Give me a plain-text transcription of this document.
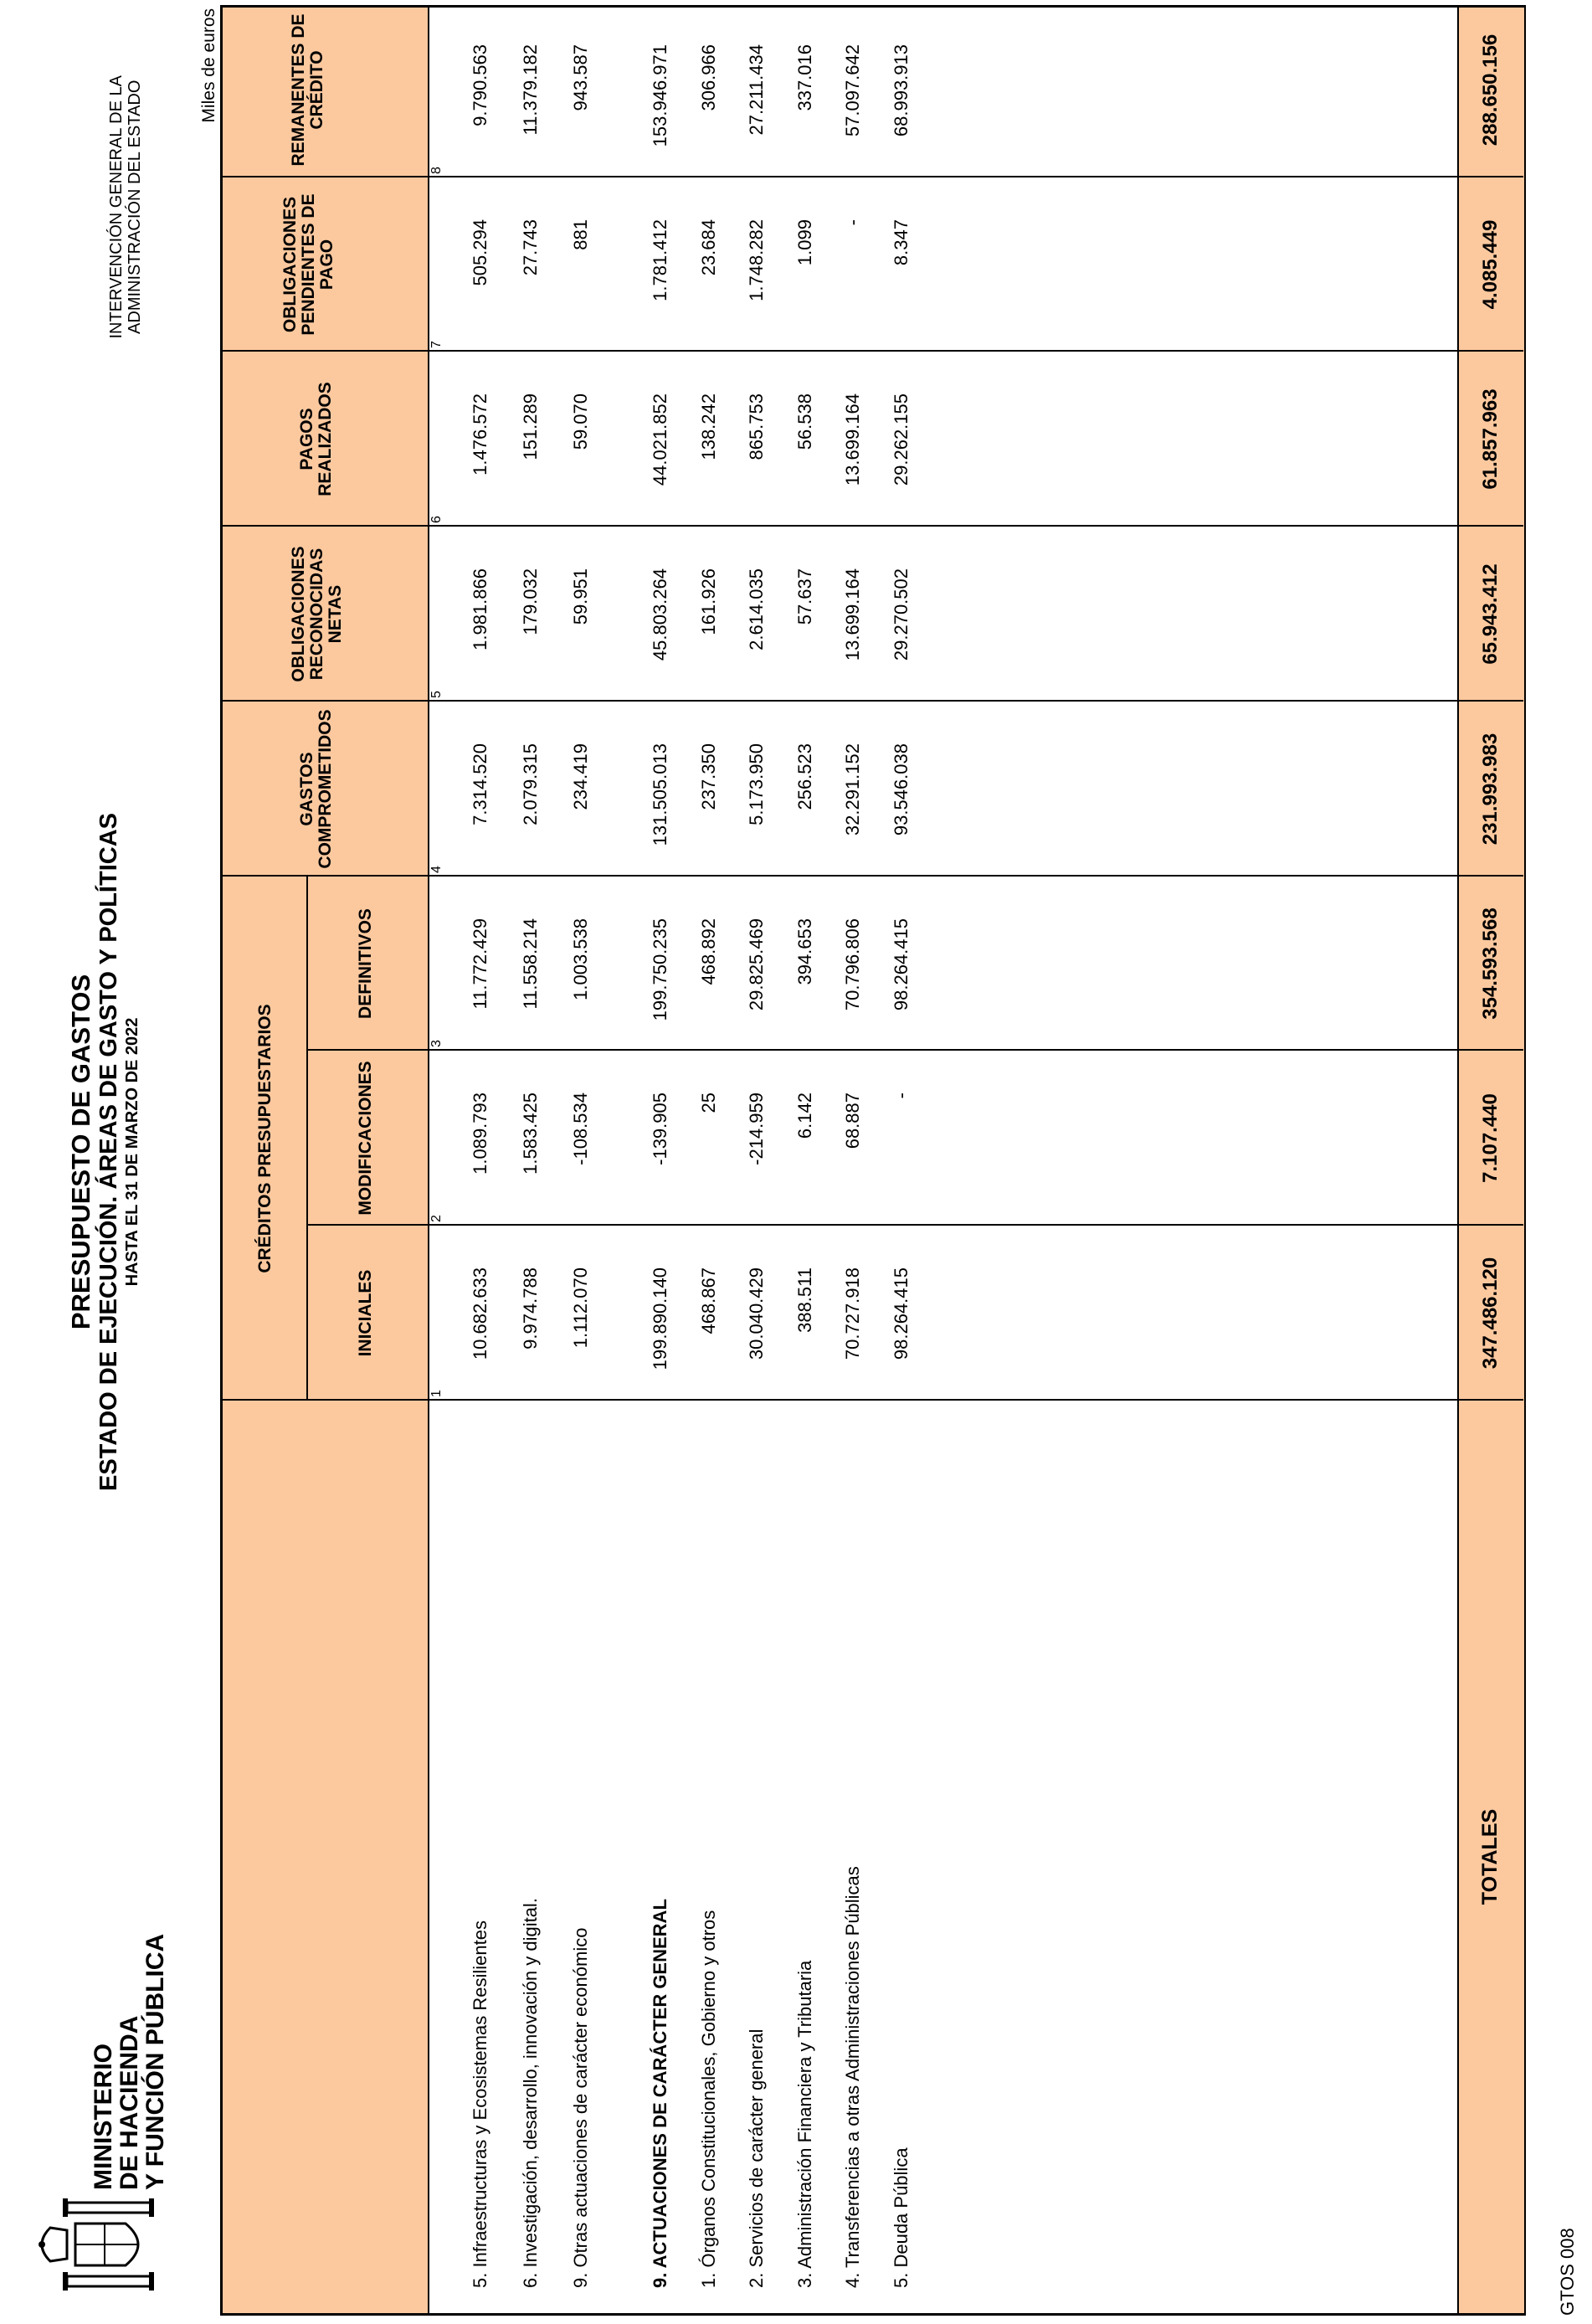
MINISTERIO
DE HACIENDA
Y FUNCIÓN PÚBLICA
PRESUPUESTO DE GASTOS ESTADO DE EJECUCIÓN. ÁREAS DE GASTO Y POLÍTICAS HASTA EL 31 DE MARZO DE 2022
INTERVENCIÓN GENERAL DE LA ADMINISTRACIÓN DEL ESTADO
Miles de euros
CRÉDITOS PRESUPUESTARIOS
INICIALES
MODIFICACIONES
DEFINITIVOS
GASTOS COMPROMETIDOS
OBLIGACIONES RECONOCIDAS NETAS
PAGOS REALIZADOS
OBLIGACIONES PENDIENTES DE PAGO
REMANENTES DE CRÉDITO
1
2
3
4
5
6
7
8
5. Infraestructuras y Ecosistemas Resilientes
10.682.633
1.089.793
11.772.429
7.314.520
1.981.866
1.476.572
505.294
9.790.563
6. Investigación, desarrollo, innovación y digital.
9.974.788
1.583.425
11.558.214
2.079.315
179.032
151.289
27.743
11.379.182
9. Otras actuaciones de carácter económico
1.112.070
-108.534
1.003.538
234.419
59.951
59.070
881
943.587
9. ACTUACIONES DE CARÁCTER GENERAL
199.890.140
-139.905
199.750.235
131.505.013
45.803.264
44.021.852
1.781.412
153.946.971
1. Órganos Constitucionales, Gobierno y otros
468.867
25
468.892
237.350
161.926
138.242
23.684
306.966
2. Servicios de carácter general
30.040.429
-214.959
29.825.469
5.173.950
2.614.035
865.753
1.748.282
27.211.434
3. Administración Financiera y Tributaria
388.511
6.142
394.653
256.523
57.637
56.538
1.099
337.016
4. Transferencias a otras Administraciones Públicas
70.727.918
68.887
70.796.806
32.291.152
13.699.164
13.699.164
-
57.097.642
5. Deuda Pública
98.264.415
-
98.264.415
93.546.038
29.270.502
29.262.155
8.347
68.993.913
TOTALES
347.486.120
7.107.440
354.593.568
231.993.983
65.943.412
61.857.963
4.085.449
288.650.156
GTOS 008
